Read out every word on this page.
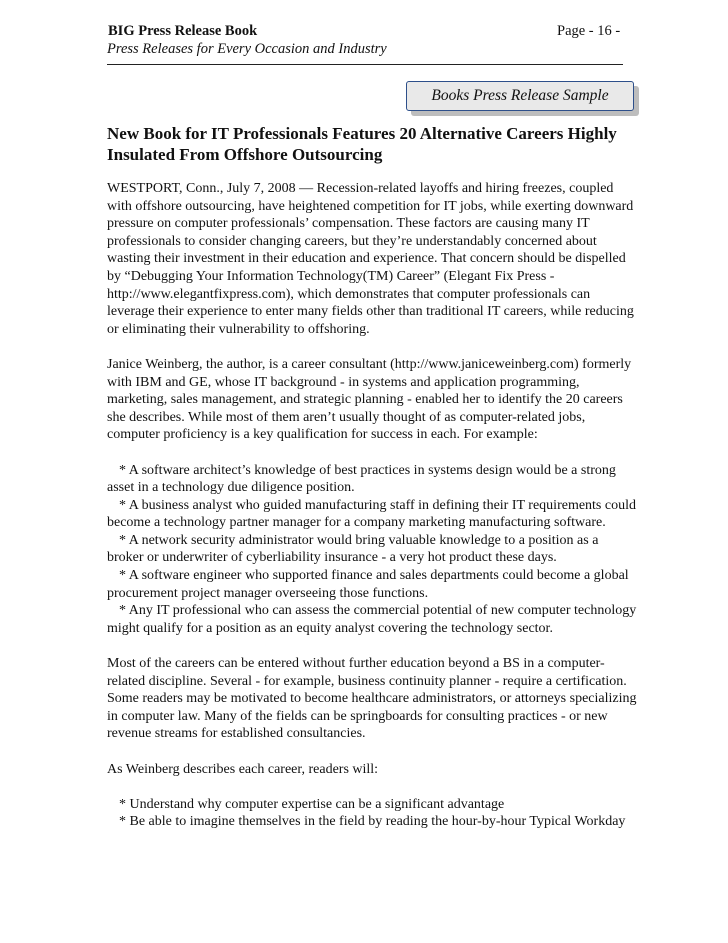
BIG Press Release Book	Page - 16 -
Press Releases for Every Occasion and Industry
Books Press Release Sample
New Book for IT Professionals Features 20 Alternative Careers Highly Insulated From Offshore Outsourcing

WESTPORT, Conn., July 7, 2008 — Recession-related layoffs and hiring freezes, coupled with offshore outsourcing, have heightened competition for IT jobs, while exerting downward pressure on computer professionals’ compensation. These factors are causing many IT professionals to consider changing careers, but they’re understandably concerned about wasting their investment in their education and experience. That concern should be dispelled by “Debugging Your Information Technology(TM) Career” (Elegant Fix Press - http://www.elegantfixpress.com), which demonstrates that computer professionals can leverage their experience to enter many fields other than traditional IT careers, while reducing or eliminating their vulnerability to offshoring.

Janice Weinberg, the author, is a career consultant (http://www.janiceweinberg.com) formerly with IBM and GE, whose IT background - in systems and application programming, marketing, sales management, and strategic planning - enabled her to identify the 20 careers she describes. While most of them aren’t usually thought of as computer-related jobs, computer proficiency is a key qualification for success in each. For example:

* A software architect’s knowledge of best practices in systems design would be a strong asset in a technology due diligence position.
* A business analyst who guided manufacturing staff in defining their IT requirements could become a technology partner manager for a company marketing manufacturing software.
* A network security administrator would bring valuable knowledge to a position as a broker or underwriter of cyberliability insurance - a very hot product these days.
* A software engineer who supported finance and sales departments could become a global procurement project manager overseeing those functions.
* Any IT professional who can assess the commercial potential of new computer technology might qualify for a position as an equity analyst covering the technology sector.

Most of the careers can be entered without further education beyond a BS in a computer-related discipline. Several - for example, business continuity planner - require a certification. Some readers may be motivated to become healthcare administrators, or attorneys specializing in computer law. Many of the fields can be springboards for consulting practices - or new revenue streams for established consultancies.

As Weinberg describes each career, readers will:

* Understand why computer expertise can be a significant advantage
* Be able to imagine themselves in the field by reading the hour-by-hour Typical Workday
